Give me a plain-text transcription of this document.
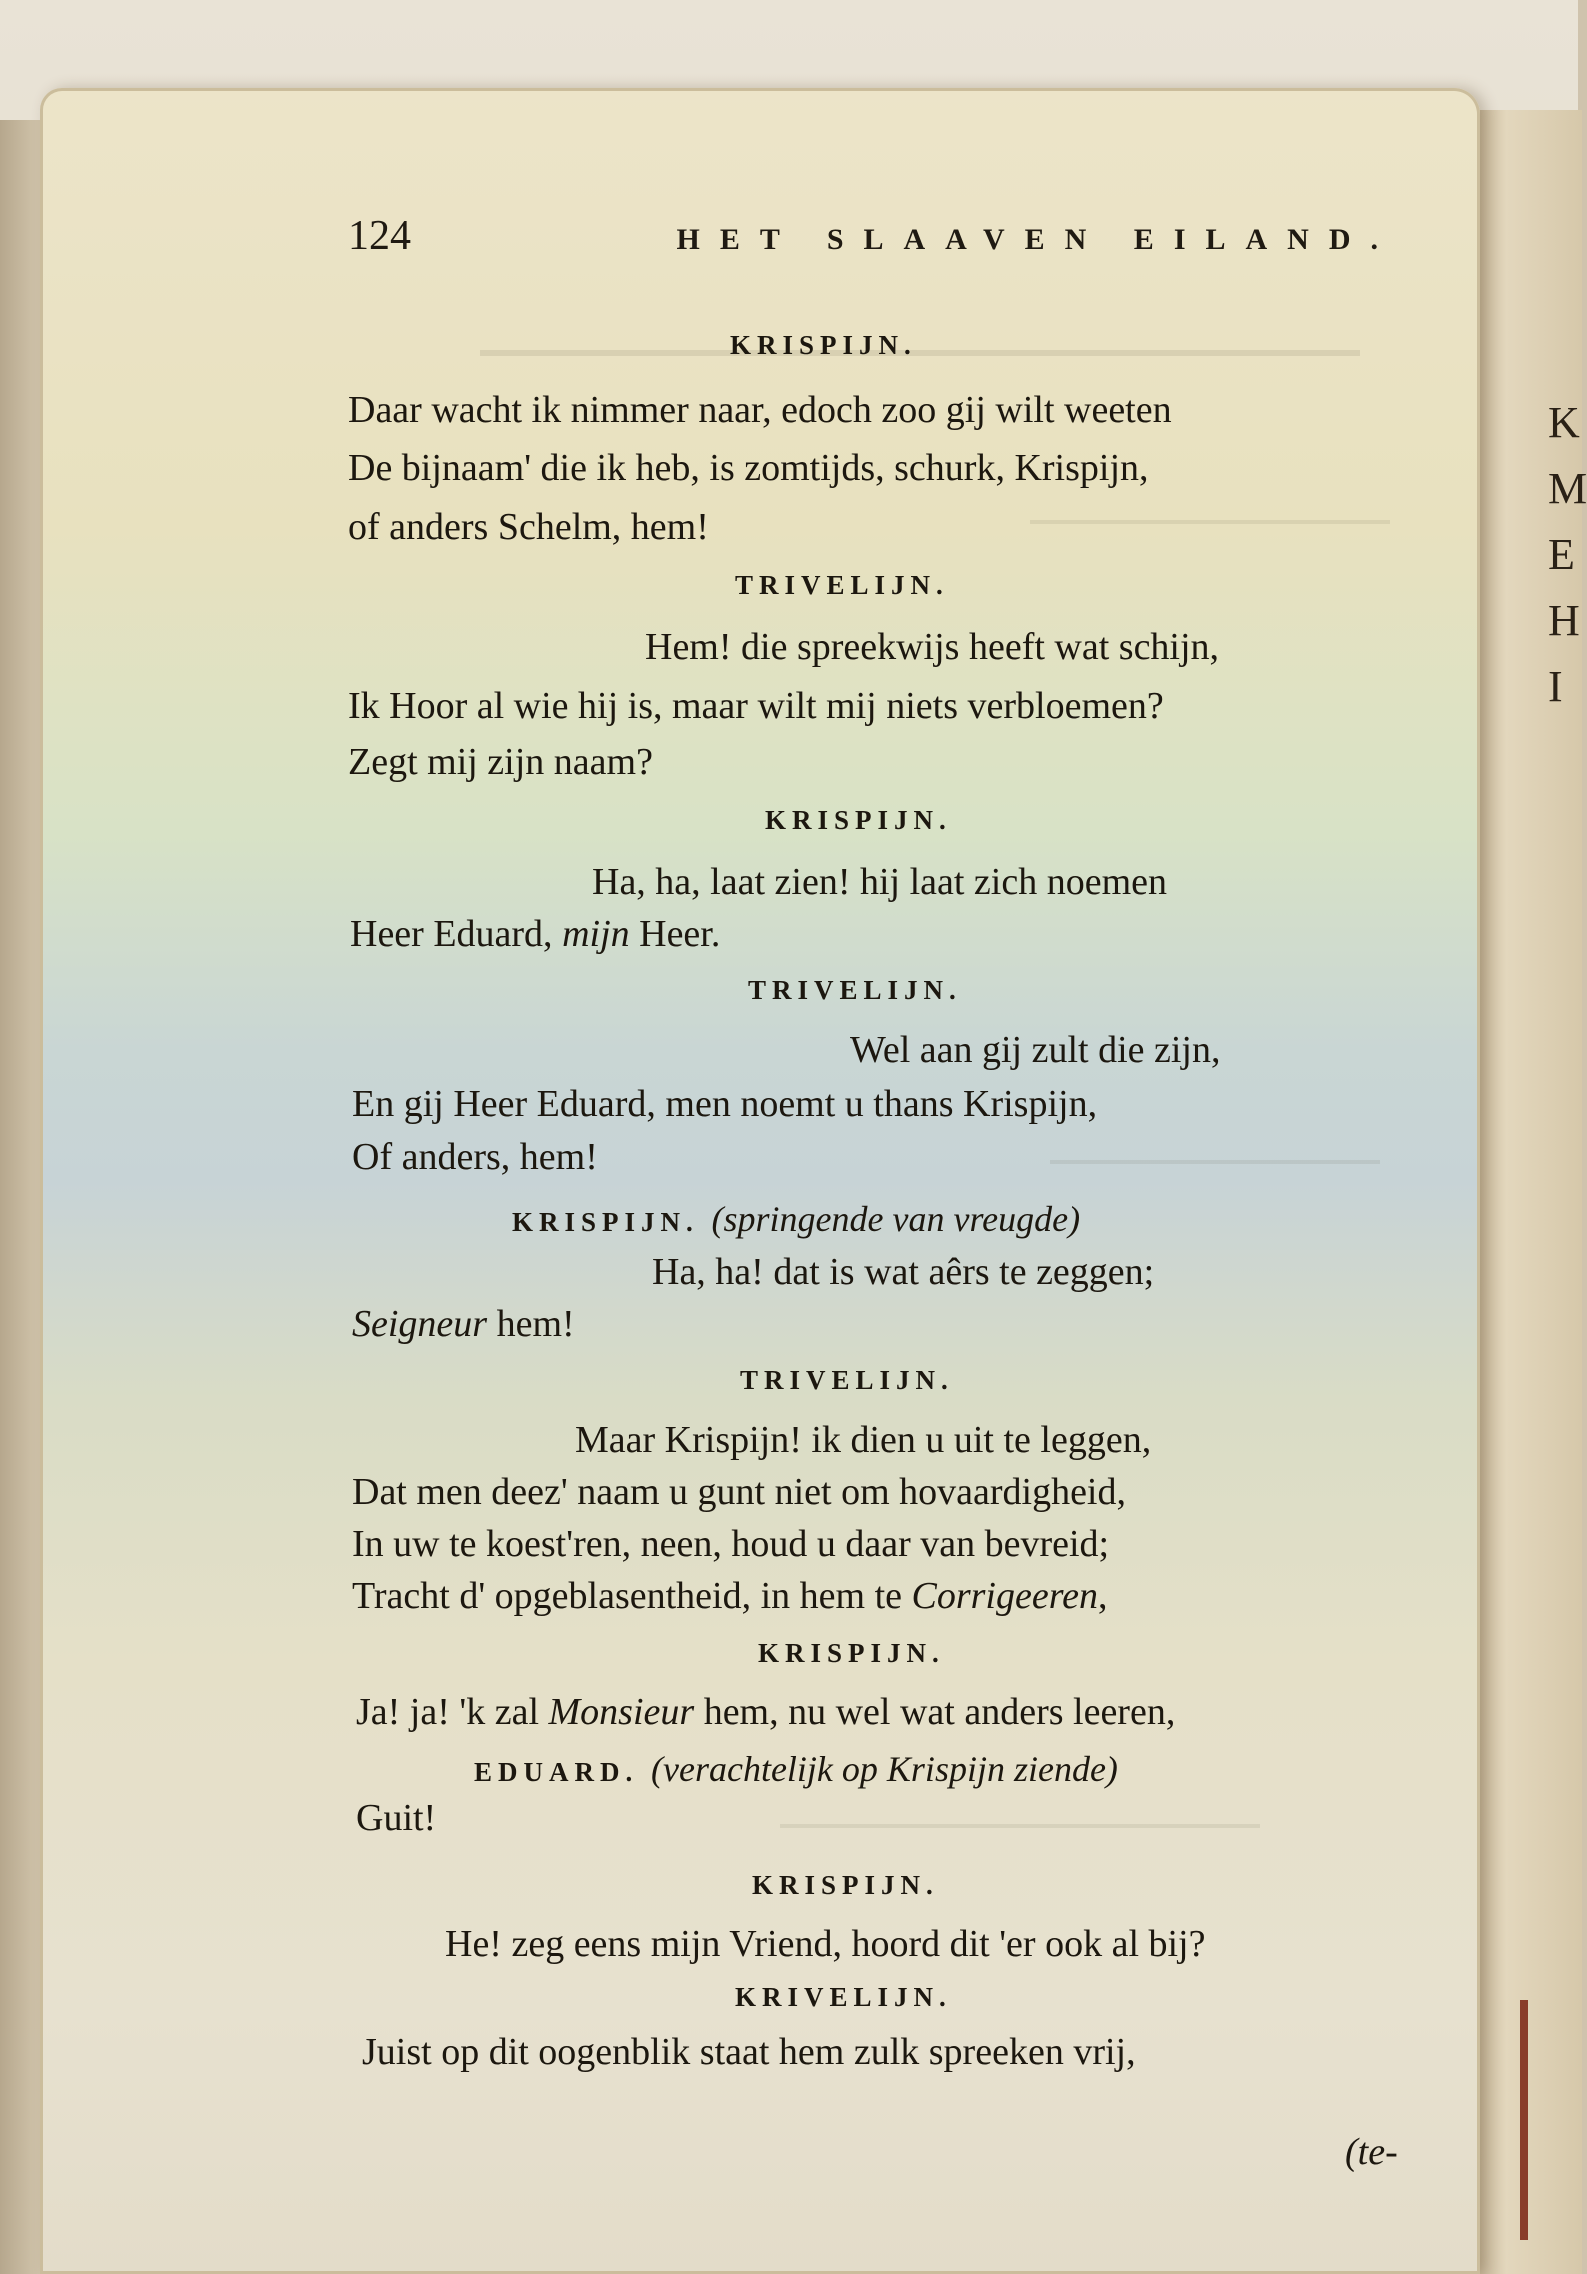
K
M
E
H
I
124	HET SLAAVEN EILAND.
KRISPIJN.
Daar wacht ik nimmer naar, edoch zoo gij wilt weeten
De bijnaam' die ik heb, is zomtijds, schurk, Krispijn,
of anders Schelm, hem!
TRIVELIJN.
Hem! die spreekwijs heeft wat schijn,
Ik Hoor al wie hij is, maar wilt mij niets verbloemen?
Zegt mij zijn naam?
KRISPIJN.
Ha, ha, laat zien! hij laat zich noemen
Heer Eduard, mijn Heer.
TRIVELIJN.
Wel aan gij zult die zijn,
En gij Heer Eduard, men noemt u thans Krispijn,
Of anders, hem!
KRISPIJN. (springende van vreugde)
Ha, ha! dat is wat aêrs te zeggen;
Seigneur hem!
TRIVELIJN.
Maar Krispijn! ik dien u uit te leggen,
Dat men deez' naam u gunt niet om hovaardigheid,
In uw te koest'ren, neen, houd u daar van bevreid;
Tracht d' opgeblasentheid, in hem te Corrigeeren,
KRISPIJN.
Ja! ja! 'k zal Monsieur hem, nu wel wat anders leeren,
EDUARD. (verachtelijk op Krispijn ziende)
Guit!
KRISPIJN.
He! zeg eens mijn Vriend, hoord dit 'er ook al bij?
KRIVELIJN.
Juist op dit oogenblik staat hem zulk spreeken vrij,
(te-
